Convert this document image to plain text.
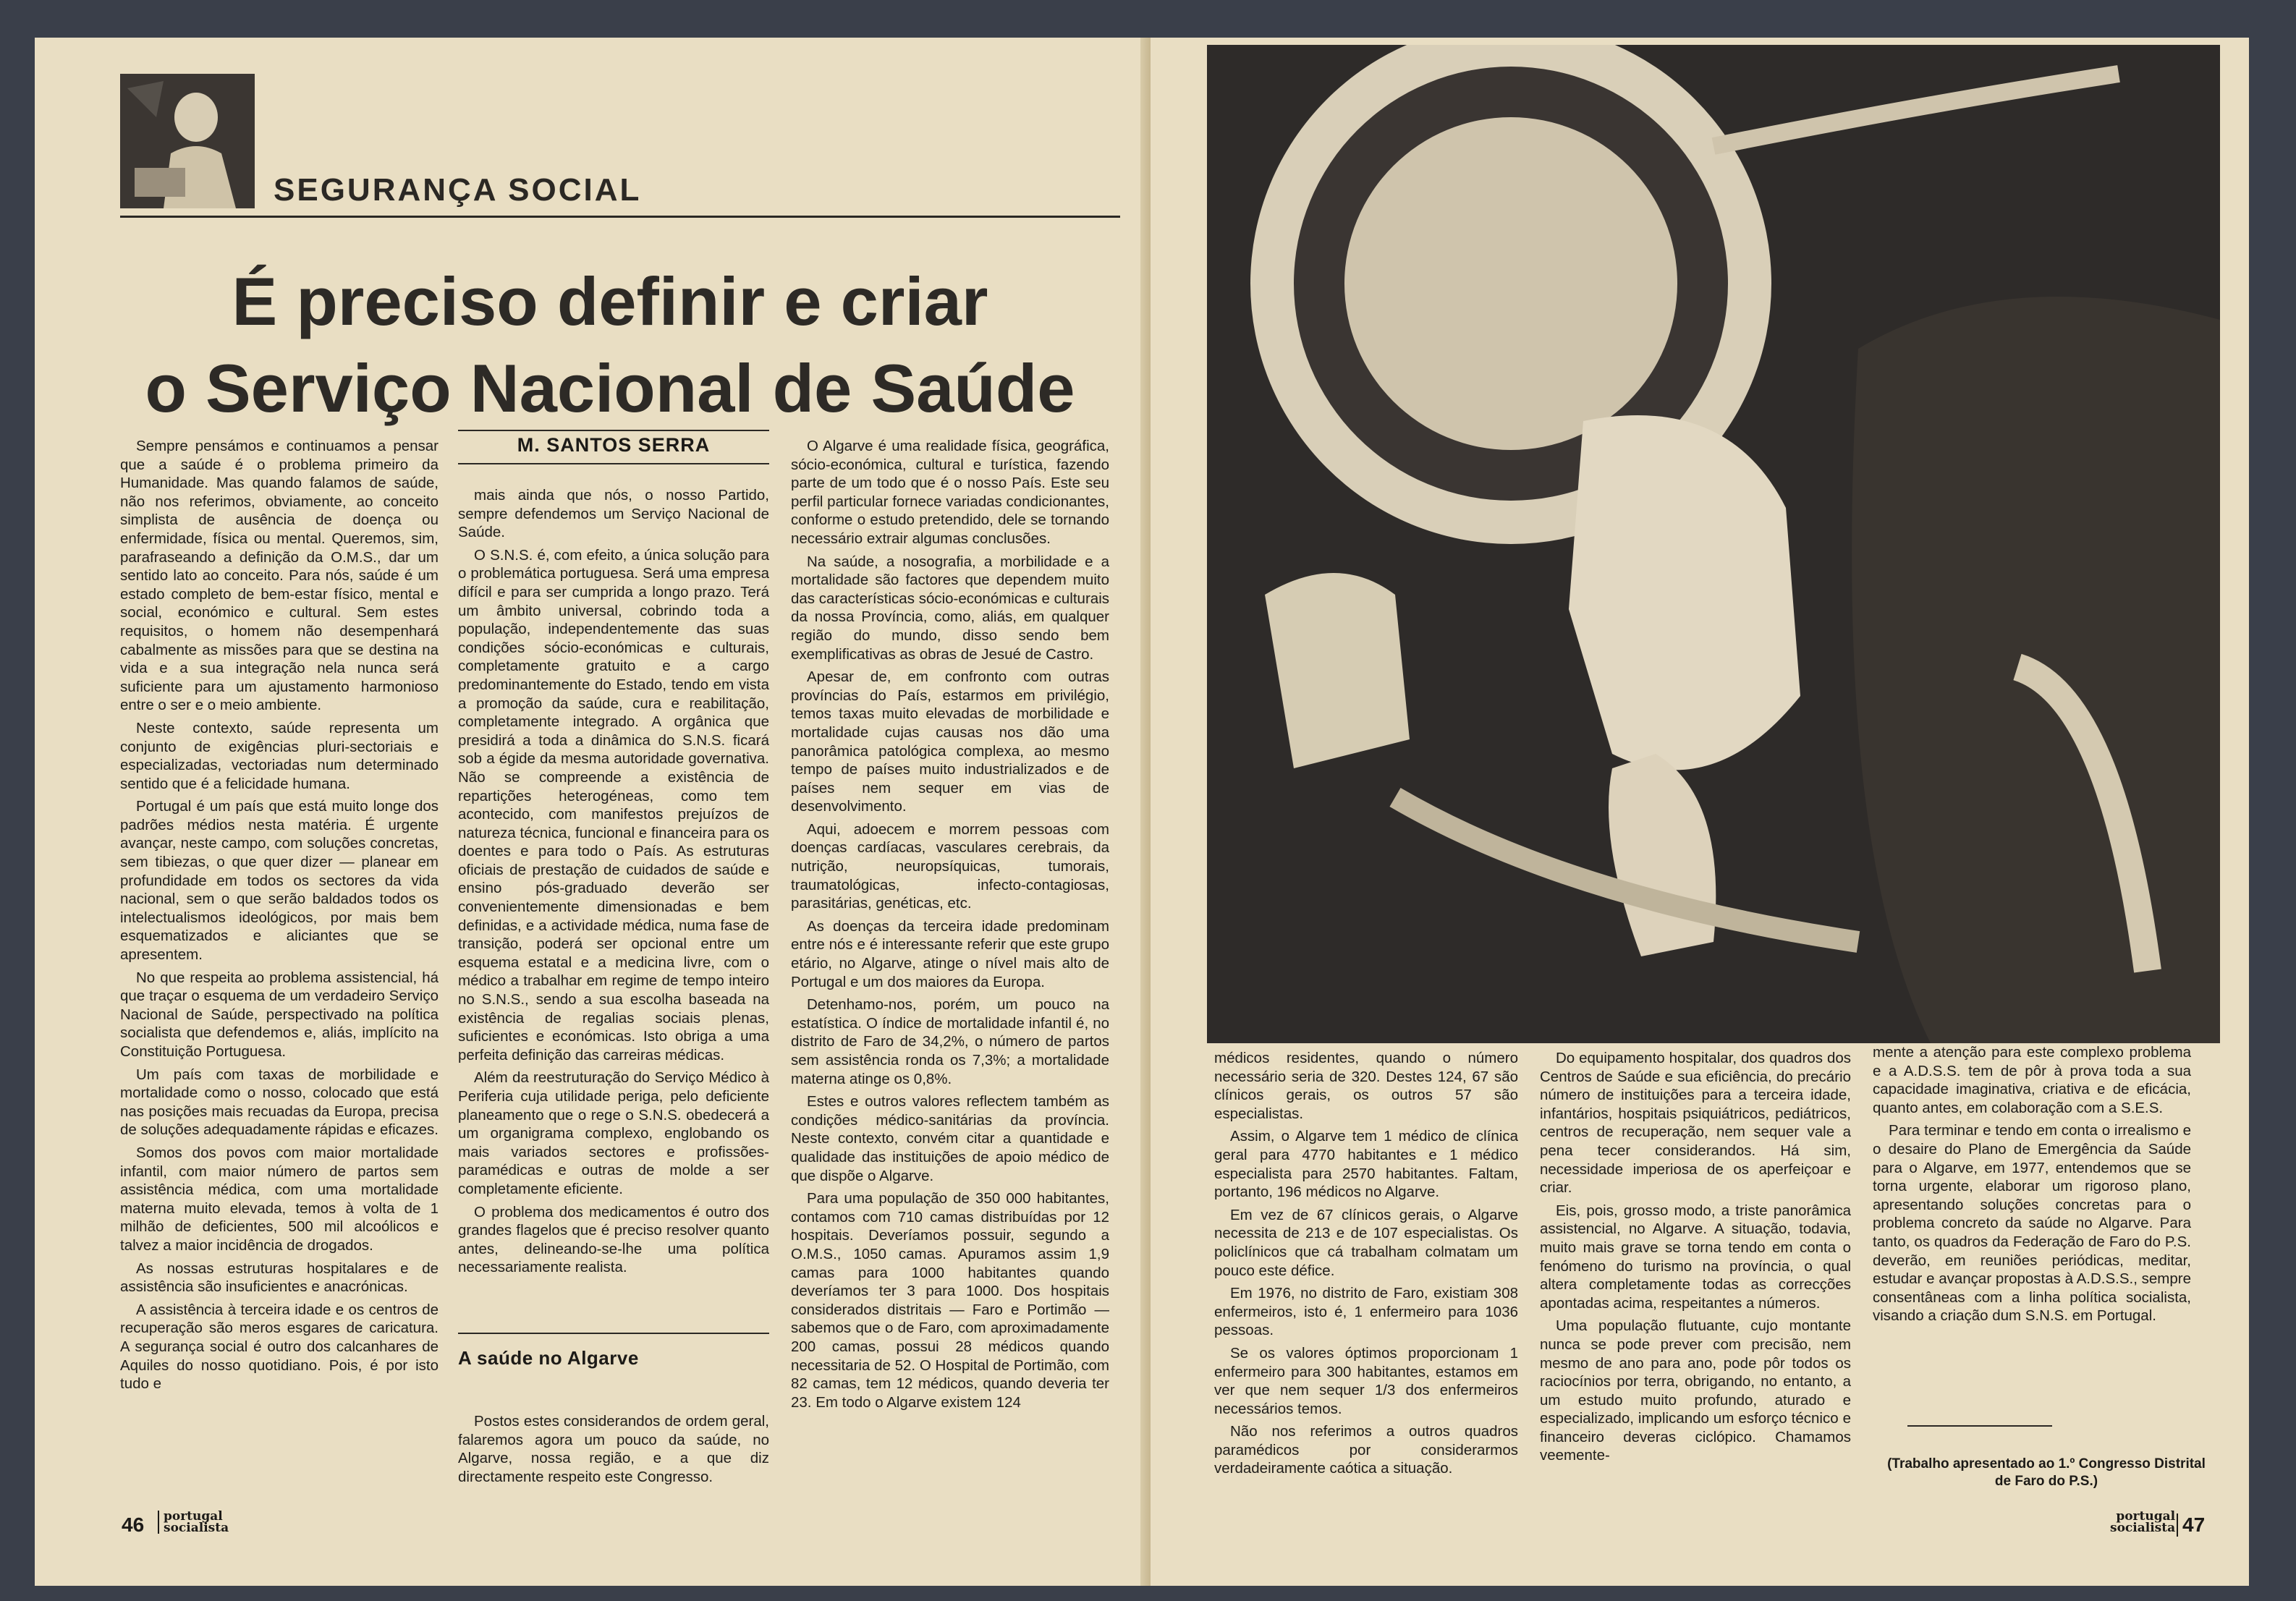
SEGURANÇA SOCIAL
É preciso definir e criar
o Serviço Nacional de Saúde
M. SANTOS SERRA

Sempre pensámos e continuamos a pensar que a saúde é o problema primeiro da Humanidade. Mas quando falamos de saúde, não nos referimos, obviamente, ao conceito simplista de ausência de doença ou enfermidade, física ou mental. Queremos, sim, parafraseando a definição da O.M.S., dar um sentido lato ao conceito. Para nós, saúde é um estado completo de bem-estar físico, mental e social, económico e cultural. Sem estes requisitos, o homem não desempenhará cabalmente as missões para que se destina na vida e a sua integração nela nunca será suficiente para um ajustamento harmonioso entre o ser e o meio ambiente.

Neste contexto, saúde representa um conjunto de exigências pluri-sectoriais e especializadas, vectoriadas num determinado sentido que é a felicidade humana.

Portugal é um país que está muito longe dos padrões médios nesta matéria. É urgente avançar, neste campo, com soluções concretas, sem tibiezas, o que quer dizer — planear em profundidade em todos os sectores da vida nacional, sem o que serão baldados todos os intelectualismos ideológicos, por mais bem esquematizados e aliciantes que se apresentem.

No que respeita ao problema assistencial, há que traçar o esquema de um verdadeiro Serviço Nacional de Saúde, perspectivado na política socialista que defendemos e, aliás, implícito na Constituição Portuguesa.

Um país com taxas de morbilidade e mortalidade como o nosso, colocado que está nas posições mais recuadas da Europa, precisa de soluções adequadamente rápidas e eficazes.

Somos dos povos com maior mortalidade infantil, com maior número de partos sem assistência médica, com uma mortalidade materna muito elevada, temos à volta de 1 milhão de deficientes, 500 mil alcoólicos e talvez a maior incidência de drogados.

As nossas estruturas hospitalares e de assistência são insuficientes e anacrónicas.

A assistência à terceira idade e os centros de recuperação são meros esgares de caricatura. A segurança social é outro dos calcanhares de Aquiles do nosso quotidiano. Pois, é por isto tudo e

mais ainda que nós, o nosso Partido, sempre defendemos um Serviço Nacional de Saúde.

O S.N.S. é, com efeito, a única solução para o problemática portuguesa. Será uma empresa difícil e para ser cumprida a longo prazo. Terá um âmbito universal, cobrindo toda a população, independentemente das suas condições sócio-económicas e culturais, completamente gratuito e a cargo predominantemente do Estado, tendo em vista a promoção da saúde, cura e reabilitação, completamente integrado. A orgânica que presidirá a toda a dinâmica do S.N.S. ficará sob a égide da mesma autoridade governativa. Não se compreende a existência de repartições heterogéneas, como tem acontecido, com manifestos prejuízos de natureza técnica, funcional e financeira para os doentes e para todo o País. As estruturas oficiais de prestação de cuidados de saúde e ensino pós-graduado deverão ser convenientemente dimensionadas e bem definidas, e a actividade médica, numa fase de transição, poderá ser opcional entre um esquema estatal e a medicina livre, com o médico a trabalhar em regime de tempo inteiro no S.N.S., sendo a sua escolha baseada na existência de regalias sociais plenas, suficientes e económicas. Isto obriga a uma perfeita definição das carreiras médicas.

Além da reestruturação do Serviço Médico à Periferia cuja utilidade periga, pelo deficiente planeamento que o rege o S.N.S. obedecerá a um organigrama complexo, englobando os mais variados sectores e profissões-paramédicas e outras de molde a ser completamente eficiente.

O problema dos medicamentos é outro dos grandes flagelos que é preciso resolver quanto antes, delineando-se-lhe uma política necessariamente realista.

A saúde no Algarve

Postos estes considerandos de ordem geral, falaremos agora um pouco da saúde, no Algarve, nossa região, e a que diz directamente respeito este Congresso.

O Algarve é uma realidade física, geográfica, sócio-económica, cultural e turística, fazendo parte de um todo que é o nosso País. Este seu perfil particular fornece variadas condicionantes, conforme o estudo pretendido, dele se tornando necessário extrair algumas conclusões.

Na saúde, a nosografia, a morbilidade e a mortalidade são factores que dependem muito das características sócio-económicas e culturais da nossa Província, como, aliás, em qualquer região do mundo, disso sendo bem exemplificativas as obras de Jesué de Castro.

Apesar de, em confronto com outras províncias do País, estarmos em privilégio, temos taxas muito elevadas de morbilidade e mortalidade cujas causas nos dão uma panorâmica patológica complexa, ao mesmo tempo de países muito industrializados e de países nem sequer em vias de desenvolvimento.

Aqui, adoecem e morrem pessoas com doenças cardíacas, vasculares cerebrais, da nutrição, neuropsíquicas, tumorais, traumatológicas, infecto-contagiosas, parasitárias, genéticas, etc.

As doenças da terceira idade predominam entre nós e é interessante referir que este grupo etário, no Algarve, atinge o nível mais alto de Portugal e um dos maiores da Europa.

Detenhamo-nos, porém, um pouco na estatística. O índice de mortalidade infantil é, no distrito de Faro de 34,2%, o número de partos sem assistência ronda os 7,3%; a mortalidade materna atinge os 0,8%.

Estes e outros valores reflectem também as condições médico-sanitárias da província. Neste contexto, convém citar a quantidade e qualidade das instituições de apoio médico de que dispõe o Algarve.

Para uma população de 350 000 habitantes, contamos com 710 camas distribuídas por 12 hospitais. Deveríamos possuir, segundo a O.M.S., 1050 camas. Apuramos assim 1,9 camas para 1000 habitantes quando deveríamos ter 3 para 1000. Dos hospitais considerados distritais — Faro e Portimão — sabemos que o de Faro, com aproximadamente 200 camas, possui 28 médicos quando necessitaria de 52. O Hospital de Portimão, com 82 camas, tem 12 médicos, quando deveria ter 23. Em todo o Algarve existem 124

46 portugal
socialista

médicos residentes, quando o número necessário seria de 320. Destes 124, 67 são clínicos gerais, os outros 57 são especialistas.

Assim, o Algarve tem 1 médico de clínica geral para 4770 habitantes e 1 médico especialista para 2570 habitantes. Faltam, portanto, 196 médicos no Algarve.

Em vez de 67 clínicos gerais, o Algarve necessita de 213 e de 107 especialistas. Os policlínicos que cá trabalham colmatam um pouco este défice.

Em 1976, no distrito de Faro, existiam 308 enfermeiros, isto é, 1 enfermeiro para 1036 pessoas.

Se os valores óptimos proporcionam 1 enfermeiro para 300 habitantes, estamos em ver que nem sequer 1/3 dos enfermeiros necessários temos.

Não nos referimos a outros quadros paramédicos por considerarmos verdadeiramente caótica a situação.

Do equipamento hospitalar, dos quadros dos Centros de Saúde e sua eficiência, do precário número de instituições para a terceira idade, infantários, hospitais psiquiátricos, pediátricos, centros de recuperação, nem sequer vale a pena tecer considerandos. Há sim, necessidade imperiosa de os aperfeiçoar e criar.

Eis, pois, grosso modo, a triste panorâmica assistencial, no Algarve. A situação, todavia, muito mais grave se torna tendo em conta o fenómeno do turismo na província, o qual altera completamente todas as correcções apontadas acima, respeitantes a números.

Uma população flutuante, cujo montante nunca se pode prever com precisão, nem mesmo de ano para ano, pode pôr todos os raciocínios por terra, obrigando, no entanto, a um estudo muito profundo, aturado e especializado, implicando um esforço técnico e financeiro deveras ciclópico. Chamamos veemente-

mente a atenção para este complexo problema e a A.D.S.S. tem de pôr à prova toda a sua capacidade imaginativa, criativa e de eficácia, quanto antes, em colaboração com a S.E.S.

Para terminar e tendo em conta o irrealismo e o desaire do Plano de Emergência da Saúde para o Algarve, em 1977, entendemos que se torna urgente, elaborar um rigoroso plano, apresentando soluções concretas para o problema concreto da saúde no Algarve. Para tanto, os quadros da Federação de Faro do P.S. deverão, em reuniões periódicas, meditar, estudar e avançar propostas à A.D.S.S., sempre consentâneas com a linha política socialista, visando a criação dum S.N.S. em Portugal.

(Trabalho apresentado ao 1.º Congresso Distrital de Faro do P.S.)
portugal
socialista 47
